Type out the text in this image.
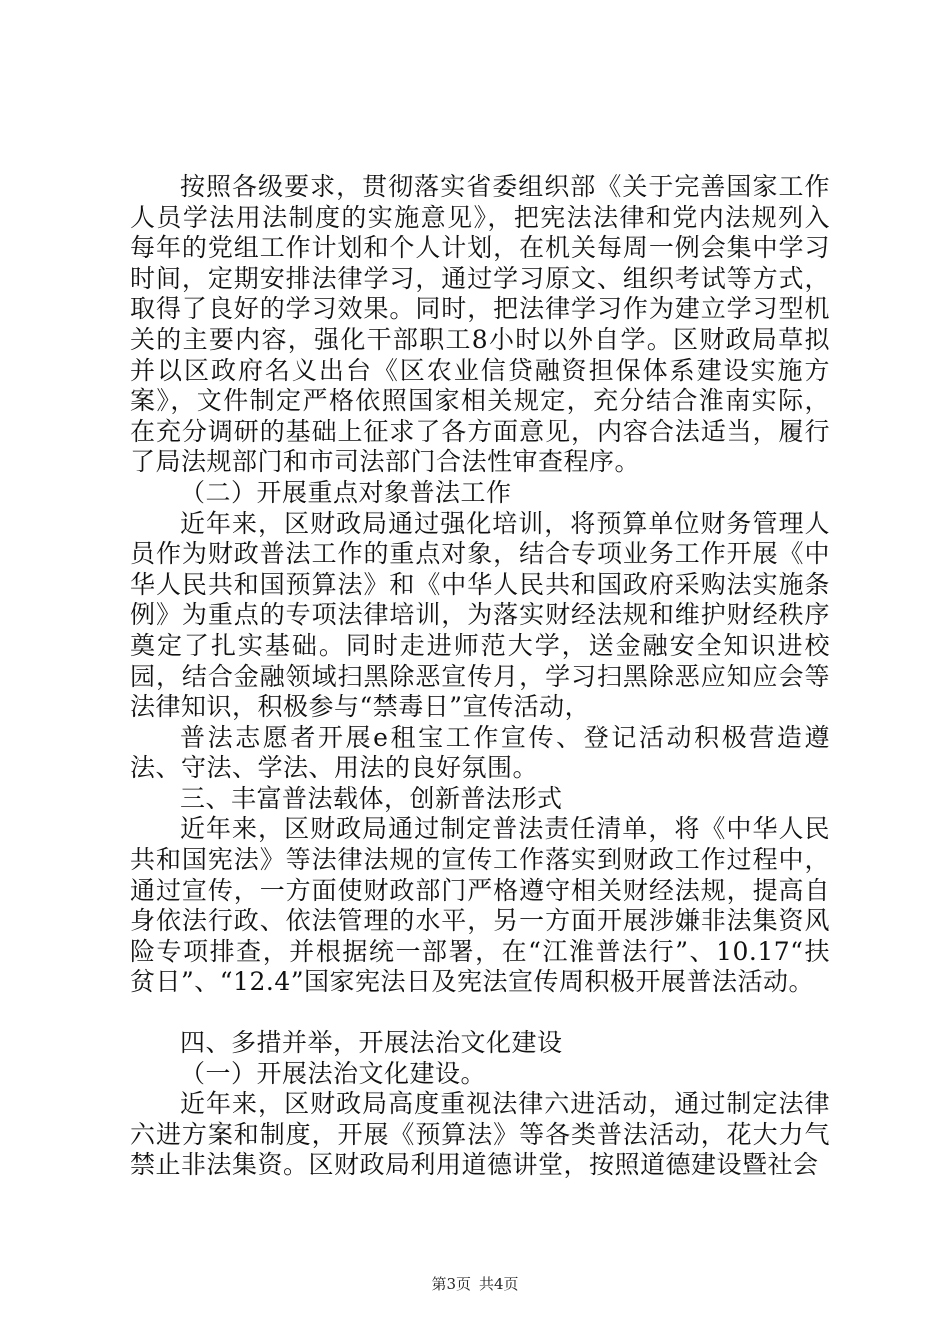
按照各级要求，贯彻落实省委组织部《关于完善国家工作人员学法用法制度的实施意见》，把宪法法律和党内法规列入每年的党组工作计划和个人计划，在机关每周一例会集中学习时间，定期安排法律学习，通过学习原文、组织考试等方式，取得了良好的学习效果。同时，把法律学习作为建立学习型机关的主要内容，强化干部职工8小时以外自学。区财政局草拟并以区政府名义出台《区农业信贷融资担保体系建设实施方案》，文件制定严格依照国家相关规定，充分结合淮南实际，在充分调研的基础上征求了各方面意见，内容合法适当，履行了局法规部门和市司法部门合法性审查程序。

（二）开展重点对象普法工作

近年来，区财政局通过强化培训，将预算单位财务管理人员作为财政普法工作的重点对象，结合专项业务工作开展《中华人民共和国预算法》和《中华人民共和国政府采购法实施条例》为重点的专项法律培训，为落实财经法规和维护财经秩序奠定了扎实基础。同时走进师范大学，送金融安全知识进校园，结合金融领域扫黑除恶宣传月，学习扫黑除恶应知应会等法律知识，积极参与“禁毒日”宣传活动，

普法志愿者开展e租宝工作宣传、登记活动积极营造遵法、守法、学法、用法的良好氛围。

三、丰富普法载体，创新普法形式

近年来，区财政局通过制定普法责任清单，将《中华人民共和国宪法》等法律法规的宣传工作落实到财政工作过程中，通过宣传，一方面使财政部门严格遵守相关财经法规，提高自身依法行政、依法管理的水平，另一方面开展涉嫌非法集资风险专项排查，并根据统一部署，在“江淮普法行”、10.17“扶贫日”、“12.4”国家宪法日及宪法宣传周积极开展普法活动。

四、多措并举，开展法治文化建设

（一）开展法治文化建设。

近年来，区财政局高度重视法律六进活动，通过制定法律六进方案和制度，开展《预算法》等各类普法活动，花大力气禁止非法集资。区财政局利用道德讲堂，按照道德建设暨社会

第3页 共4页
